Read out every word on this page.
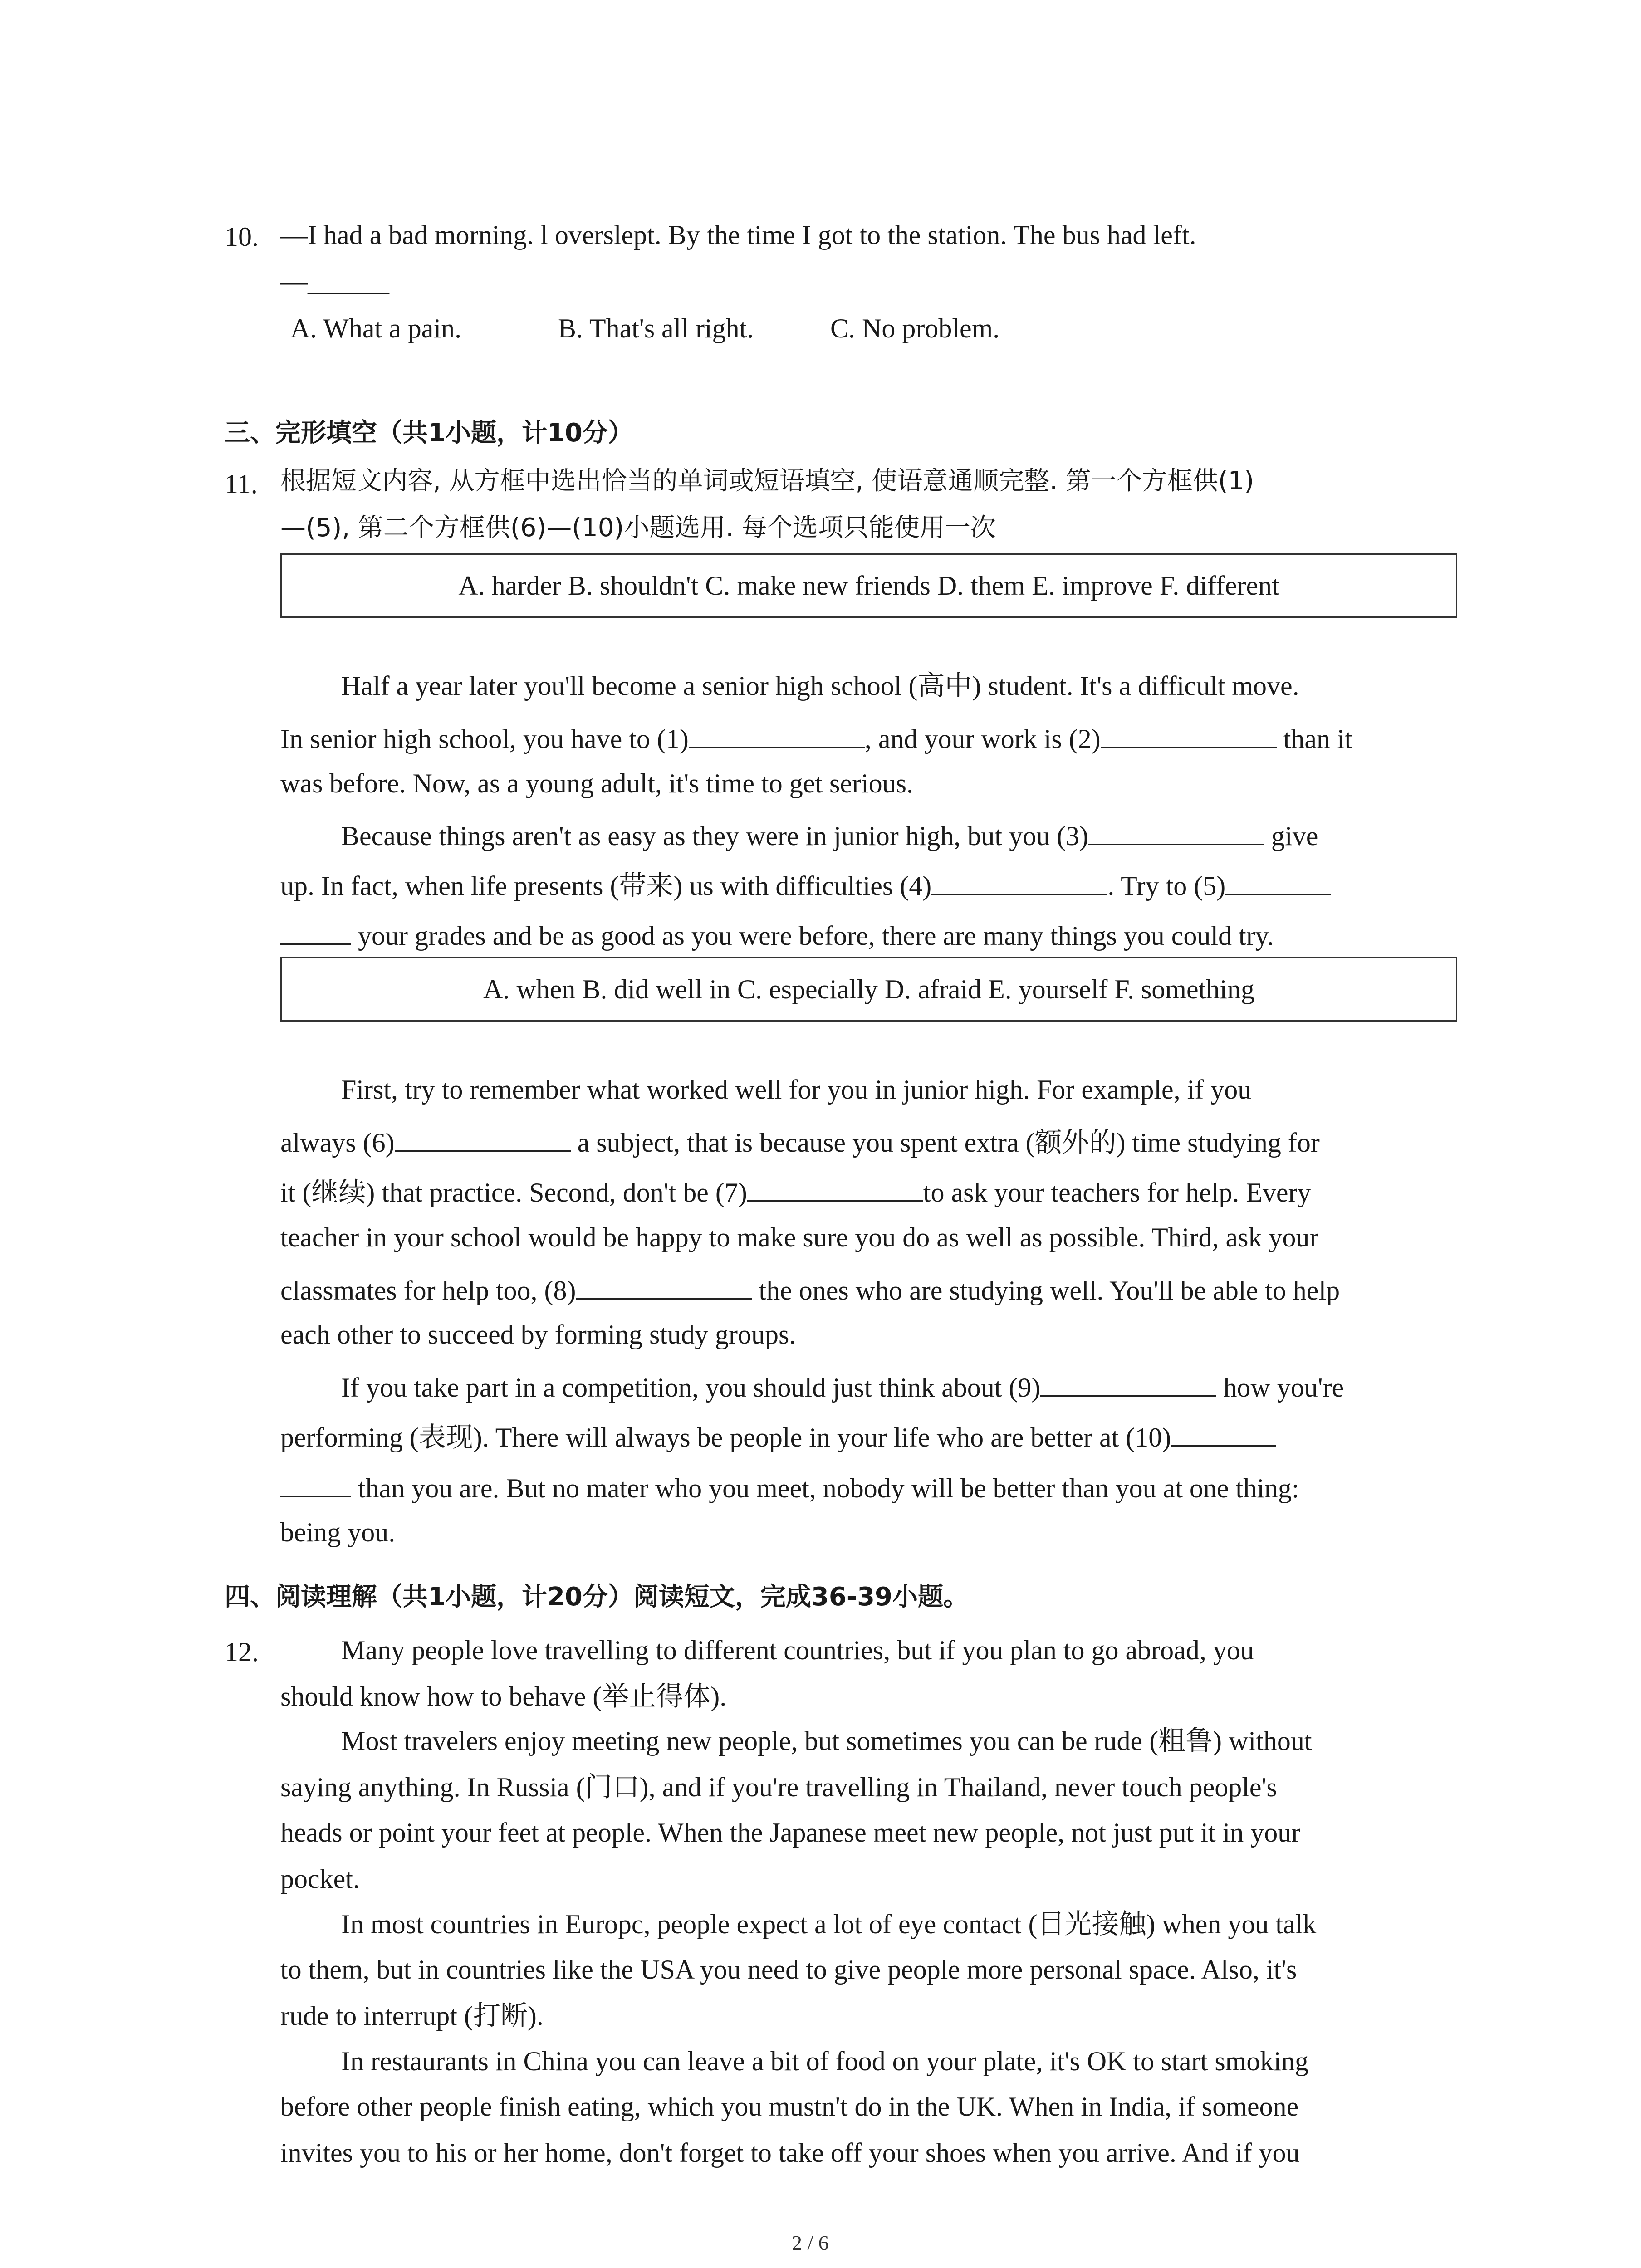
10. —I had a bad morning. l overslept. By the time I got to the station. The bus had left.
—______
A. What a pain.	B. That's all right.	C. No problem.
三、完形填空（共1小题，计10分）
11. 根据短文内容, 从方框中选出恰当的单词或短语填空, 使语意通顺完整. 第一个方框供(1)
—(5), 第二个方框供(6)—(10)小题选用. 每个选项只能使用一次
A. harder B. shouldn't C. make new friends D. them E. improve F. different
Half a year later you'll become a senior high school (高中) student. It's a difficult move.
In senior high school, you have to (1)	, and your work is (2)	than it
was before. Now, as a young adult, it's time to get serious.
Because things aren't as easy as they were in junior high, but you (3)	give
up. In fact, when life presents (带来) us with difficulties (4)	. Try to (5)
your grades and be as good as you were before, there are many things you could try.
A. when B. did well in C. especially D. afraid E. yourself F. something
First, try to remember what worked well for you in junior high. For example, if you
always (6)	a subject, that is because you spent extra (额外的) time studying for
it (继续) that practice. Second, don't be (7)	to ask your teachers for help. Every
teacher in your school would be happy to make sure you do as well as possible. Third, ask your
classmates for help too, (8)	the ones who are studying well. You'll be able to help
each other to succeed by forming study groups.
If you take part in a competition, you should just think about (9)	how you're
performing (表现). There will always be people in your life who are better at (10)
than you are. But no mater who you meet, nobody will be better than you at one thing:
being you.
四、阅读理解（共1小题，计20分）阅读短文，完成36-39小题。
12.	Many people love travelling to different countries, but if you plan to go abroad, you
should know how to behave (举止得体).
Most travelers enjoy meeting new people, but sometimes you can be rude (粗鲁) without
saying anything. In Russia (门口), and if you're travelling in Thailand, never touch people's
heads or point your feet at people. When the Japanese meet new people, not just put it in your
pocket.
In most countries in Europc, people expect a lot of eye contact (目光接触) when you talk
to them, but in countries like the USA you need to give people more personal space. Also, it's
rude to interrupt (打断).
In restaurants in China you can leave a bit of food on your plate, it's OK to start smoking
before other people finish eating, which you mustn't do in the UK. When in India, if someone
invites you to his or her home, don't forget to take off your shoes when you arrive. And if you
2 / 6
